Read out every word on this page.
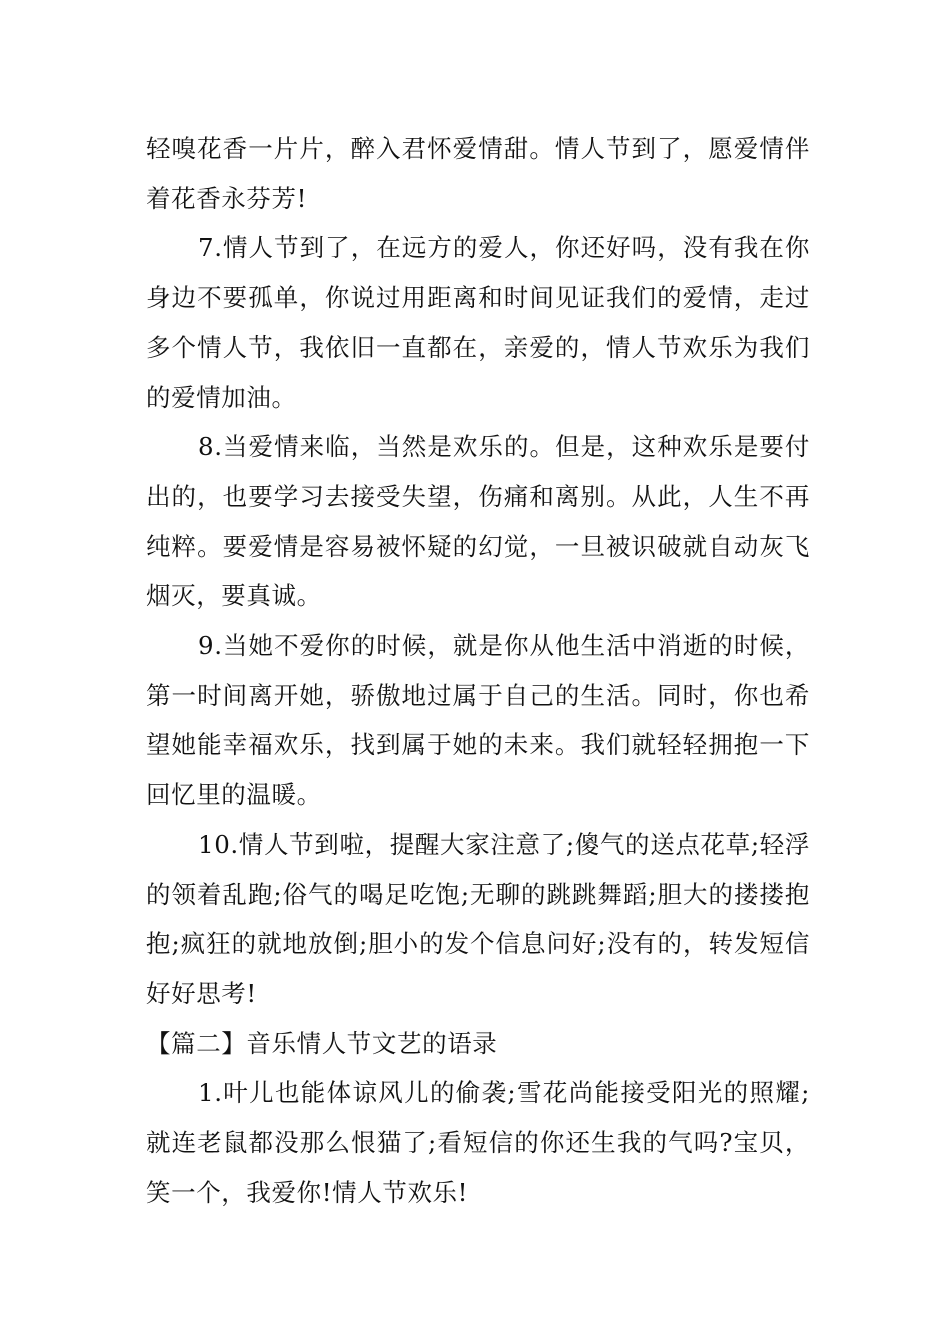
轻嗅花香一片片，醉入君怀爱情甜。情人节到了，愿爱情伴着花香永芬芳!

7.情人节到了，在远方的爱人，你还好吗，没有我在你身边不要孤单，你说过用距离和时间见证我们的爱情，走过多个情人节，我依旧一直都在，亲爱的，情人节欢乐为我们的爱情加油。

8.当爱情来临，当然是欢乐的。但是，这种欢乐是要付出的，也要学习去接受失望，伤痛和离别。从此，人生不再纯粹。要爱情是容易被怀疑的幻觉，一旦被识破就自动灰飞烟灭，要真诚。

9.当她不爱你的时候，就是你从他生活中消逝的时候，第一时间离开她，骄傲地过属于自己的生活。同时，你也希望她能幸福欢乐，找到属于她的未来。我们就轻轻拥抱一下回忆里的温暖。

10.情人节到啦，提醒大家注意了;傻气的送点花草;轻浮的领着乱跑;俗气的喝足吃饱;无聊的跳跳舞蹈;胆大的搂搂抱抱;疯狂的就地放倒;胆小的发个信息问好;没有的，转发短信好好思考!

【篇二】音乐情人节文艺的语录

1.叶儿也能体谅风儿的偷袭;雪花尚能接受阳光的照耀;就连老鼠都没那么恨猫了;看短信的你还生我的气吗?宝贝，笑一个，我爱你!情人节欢乐!
